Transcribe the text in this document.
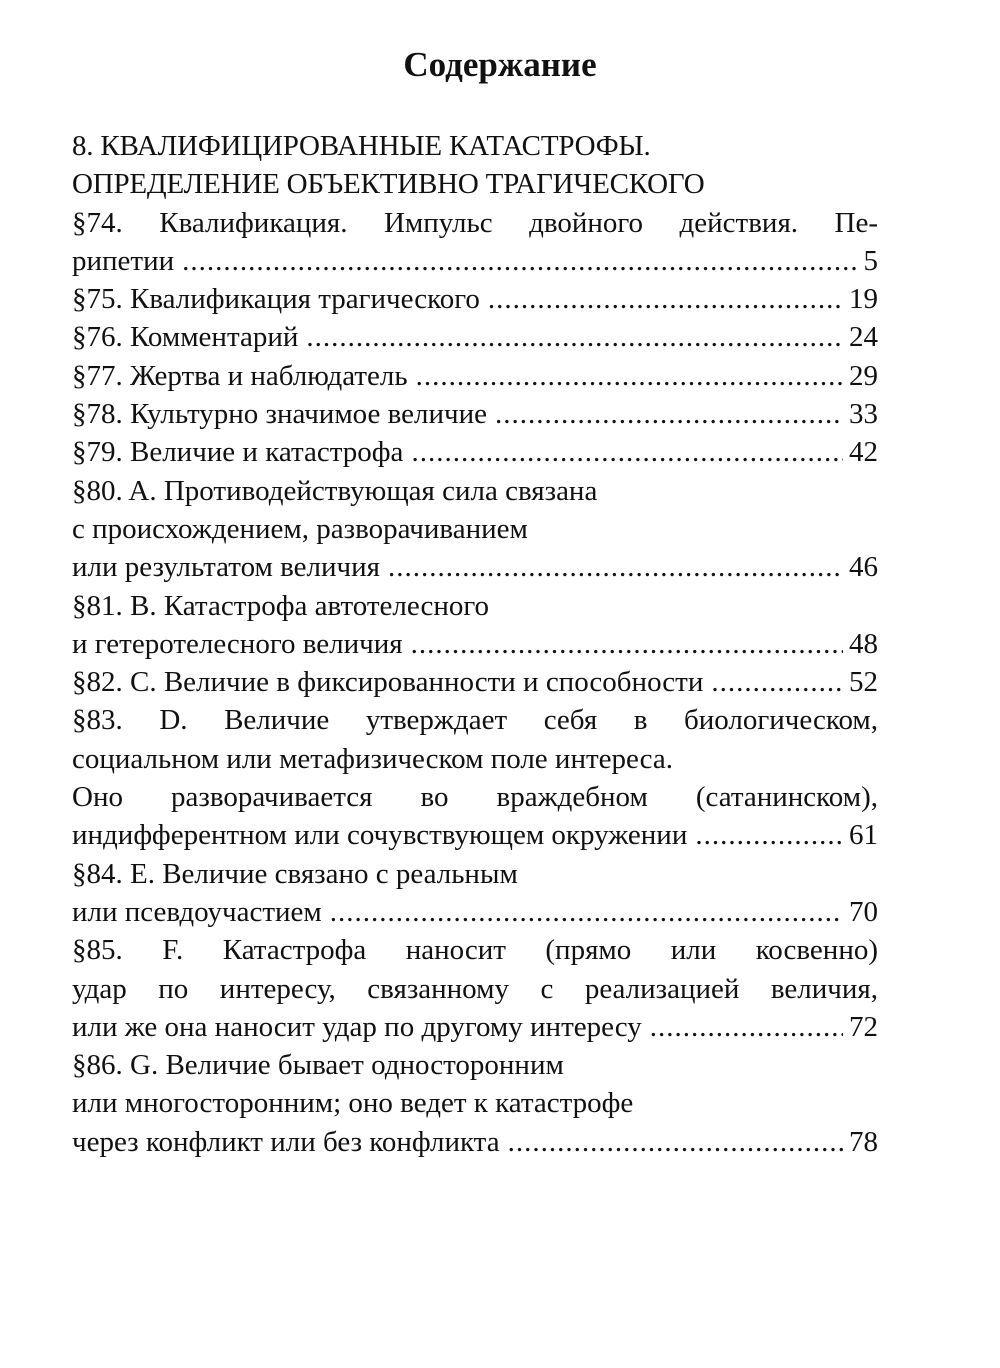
Содержание
8. КВАЛИФИЦИРОВАННЫЕ КАТАСТРОФЫ.
ОПРЕДЕЛЕНИЕ ОБЪЕКТИВНО ТРАГИЧЕСКОГО
§74. Квалификация. Импульс двойного действия. Пе-
рипетии .....	5
§75. Квалификация трагического .....	19
§76. Комментарий .....	24
§77. Жертва и наблюдатель .....	29
§78. Культурно значимое величие .....	33
§79. Величие и катастрофа .....	42
§80. A. Противодействующая сила связана
с происхождением, разворачиванием
или результатом величия .....	46
§81. B. Катастрофа автотелесного
и гетеротелесного величия .....	48
§82. C. Величие в фиксированности и способности .....	52
§83. D. Величие утверждает себя в биологическом,
социальном или метафизическом поле интереса.
Оно разворачивается во враждебном (сатанинском),
индифферентном или сочувствующем окружении .....	61
§84. E. Величие связано с реальным
или псевдоучастием .....	70
§85. F. Катастрофа наносит (прямо или косвенно)
удар по интересу, связанному с реализацией величия,
или же она наносит удар по другому интересу .....	72
§86. G. Величие бывает односторонним
или многосторонним; оно ведет к катастрофе
через конфликт или без конфликта .....	78
